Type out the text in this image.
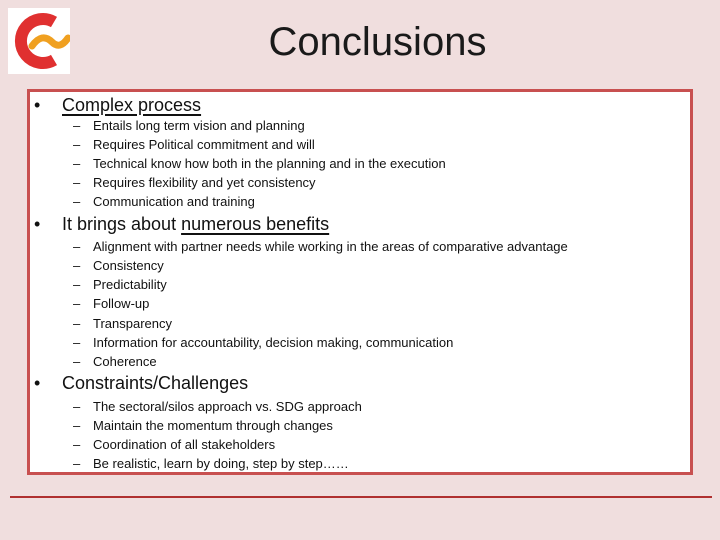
Conclusions
• Complex process
– Entails long term vision and planning
– Requires Political commitment and will
– Technical know how both in the planning and in the execution
– Requires flexibility and yet consistency
– Communication and training
• It brings about numerous benefits
– Alignment with partner needs while working in the areas of comparative advantage
– Consistency
– Predictability
– Follow-up
– Transparency
– Information for accountability, decision making, communication
– Coherence
• Constraints/Challenges
– The sectoral/silos approach vs. SDG approach
– Maintain the momentum through changes
– Coordination of all stakeholders
– Be realistic, learn by doing, step by step……
